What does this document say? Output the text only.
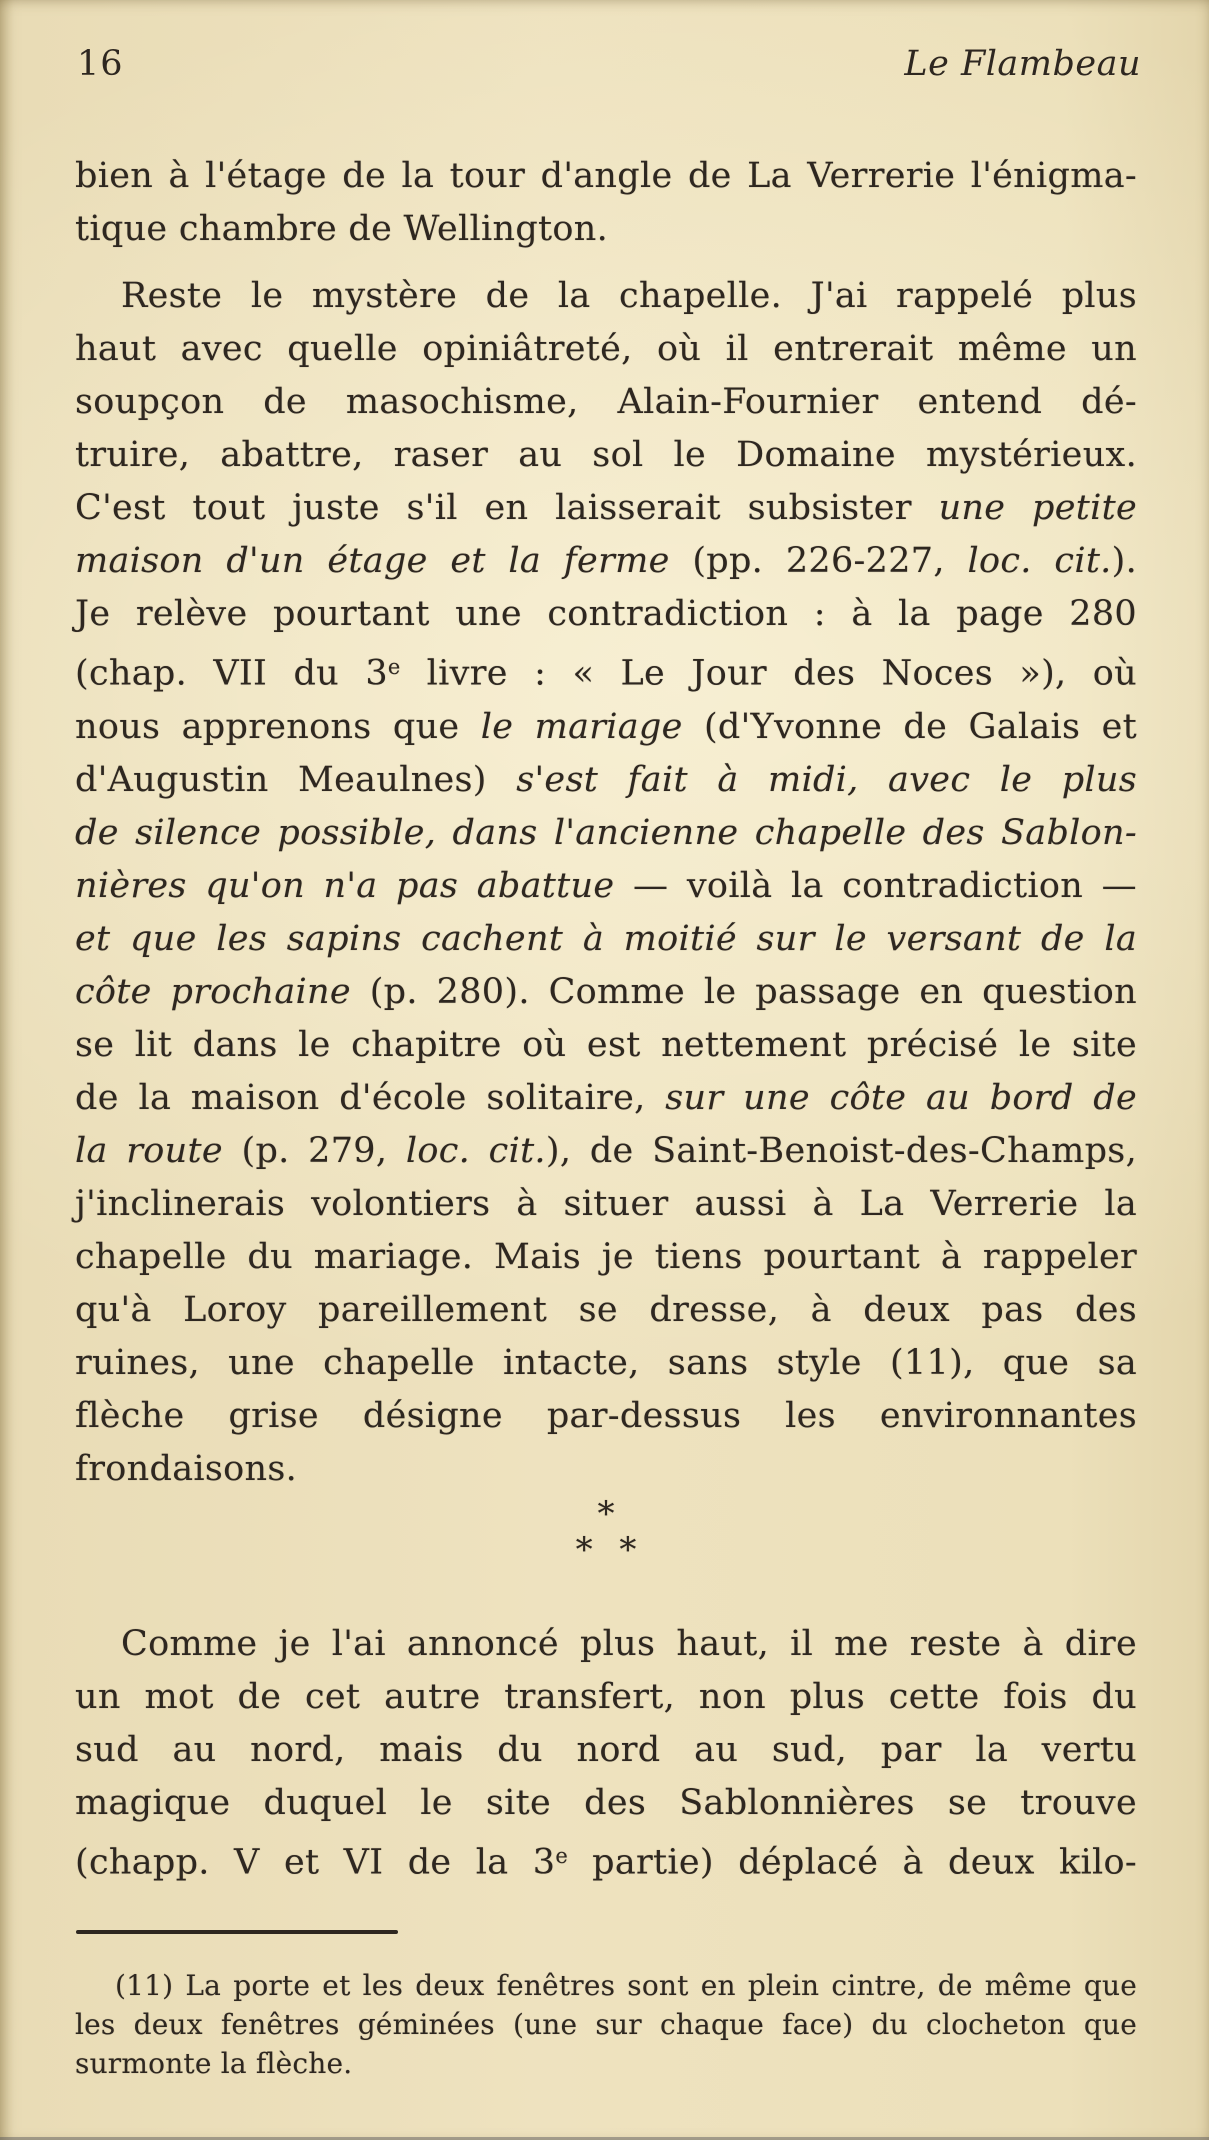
16	Le Flambeau
bien à l'étage de la tour d'angle de La Verrerie l'énigma-
tique chambre de Wellington.
Reste le mystère de la chapelle. J'ai rappelé plus
haut avec quelle opiniâtreté, où il entrerait même un
soupçon de masochisme, Alain-Fournier entend dé-
truire, abattre, raser au sol le Domaine mystérieux.
C'est tout juste s'il en laisserait subsister une petite
maison d'un étage et la ferme (pp. 226-227, loc. cit.).
Je relève pourtant une contradiction : à la page 280
(chap. VII du 3e livre : « Le Jour des Noces »), où
nous apprenons que le mariage (d'Yvonne de Galais et
d'Augustin Meaulnes) s'est fait à midi, avec le plus
de silence possible, dans l'ancienne chapelle des Sablon-
nières qu'on n'a pas abattue — voilà la contradiction —
et que les sapins cachent à moitié sur le versant de la
côte prochaine (p. 280). Comme le passage en question
se lit dans le chapitre où est nettement précisé le site
de la maison d'école solitaire, sur une côte au bord de
la route (p. 279, loc. cit.), de Saint-Benoist-des-Champs,
j'inclinerais volontiers à situer aussi à La Verrerie la
chapelle du mariage. Mais je tiens pourtant à rappeler
qu'à Loroy pareillement se dresse, à deux pas des
ruines, une chapelle intacte, sans style (11), que sa
flèche grise désigne par-dessus les environnantes
frondaisons.
*
* *
Comme je l'ai annoncé plus haut, il me reste à dire
un mot de cet autre transfert, non plus cette fois du
sud au nord, mais du nord au sud, par la vertu
magique duquel le site des Sablonnières se trouve
(chapp. V et VI de la 3e partie) déplacé à deux kilo-
(11) La porte et les deux fenêtres sont en plein cintre, de même que
les deux fenêtres géminées (une sur chaque face) du clocheton que
surmonte la flèche.
